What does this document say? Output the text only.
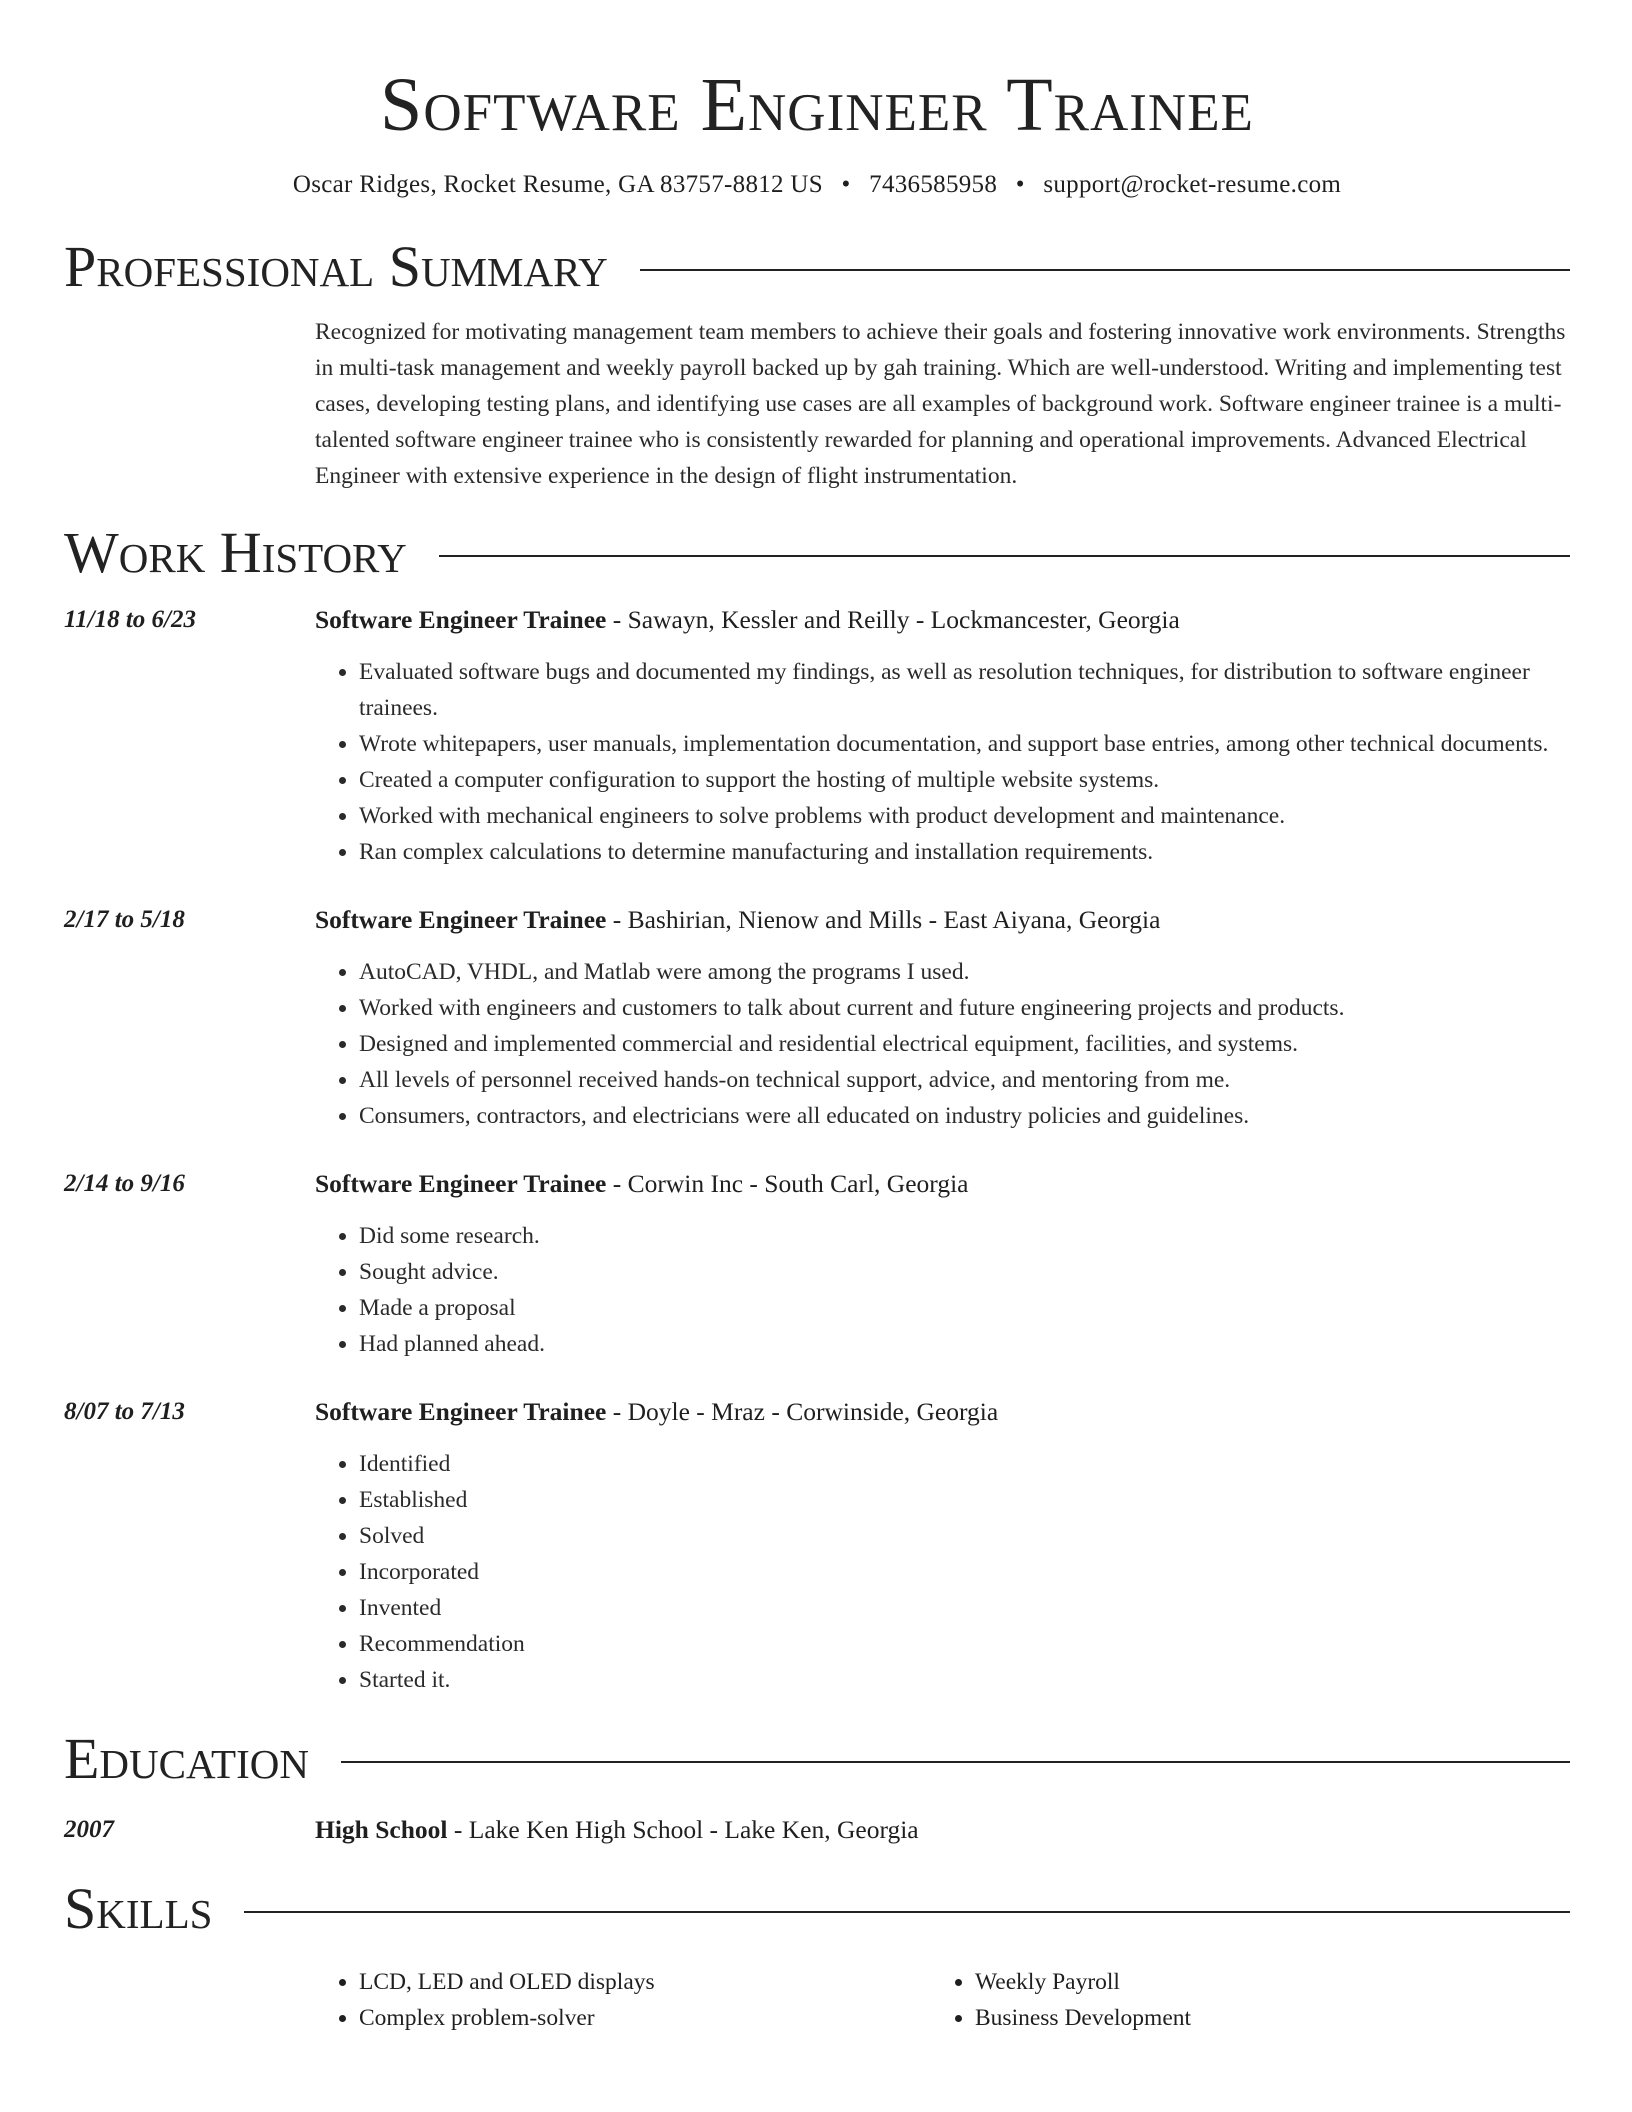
Software Engineer Trainee
Oscar Ridges, Rocket Resume, GA 83757-8812 US • 7436585958 • support@rocket-resume.com
Professional Summary
Recognized for motivating management team members to achieve their goals and fostering innovative work environments. Strengths in multi-task management and weekly payroll backed up by gah training. Which are well-understood. Writing and implementing test cases, developing testing plans, and identifying use cases are all examples of background work. Software engineer trainee is a multi-talented software engineer trainee who is consistently rewarded for planning and operational improvements. Advanced Electrical Engineer with extensive experience in the design of flight instrumentation.
Work History
11/18 to 6/23	Software Engineer Trainee - Sawayn, Kessler and Reilly - Lockmancester, Georgia
• Evaluated software bugs and documented my findings, as well as resolution techniques, for distribution to software engineer trainees.
• Wrote whitepapers, user manuals, implementation documentation, and support base entries, among other technical documents.
• Created a computer configuration to support the hosting of multiple website systems.
• Worked with mechanical engineers to solve problems with product development and maintenance.
• Ran complex calculations to determine manufacturing and installation requirements.
2/17 to 5/18	Software Engineer Trainee - Bashirian, Nienow and Mills - East Aiyana, Georgia
• AutoCAD, VHDL, and Matlab were among the programs I used.
• Worked with engineers and customers to talk about current and future engineering projects and products.
• Designed and implemented commercial and residential electrical equipment, facilities, and systems.
• All levels of personnel received hands-on technical support, advice, and mentoring from me.
• Consumers, contractors, and electricians were all educated on industry policies and guidelines.
2/14 to 9/16	Software Engineer Trainee - Corwin Inc - South Carl, Georgia
• Did some research.
• Sought advice.
• Made a proposal
• Had planned ahead.
8/07 to 7/13	Software Engineer Trainee - Doyle - Mraz - Corwinside, Georgia
• Identified
• Established
• Solved
• Incorporated
• Invented
• Recommendation
• Started it.
Education
2007	High School - Lake Ken High School - Lake Ken, Georgia
Skills
• LCD, LED and OLED displays
• Complex problem-solver
• Weekly Payroll
• Business Development
